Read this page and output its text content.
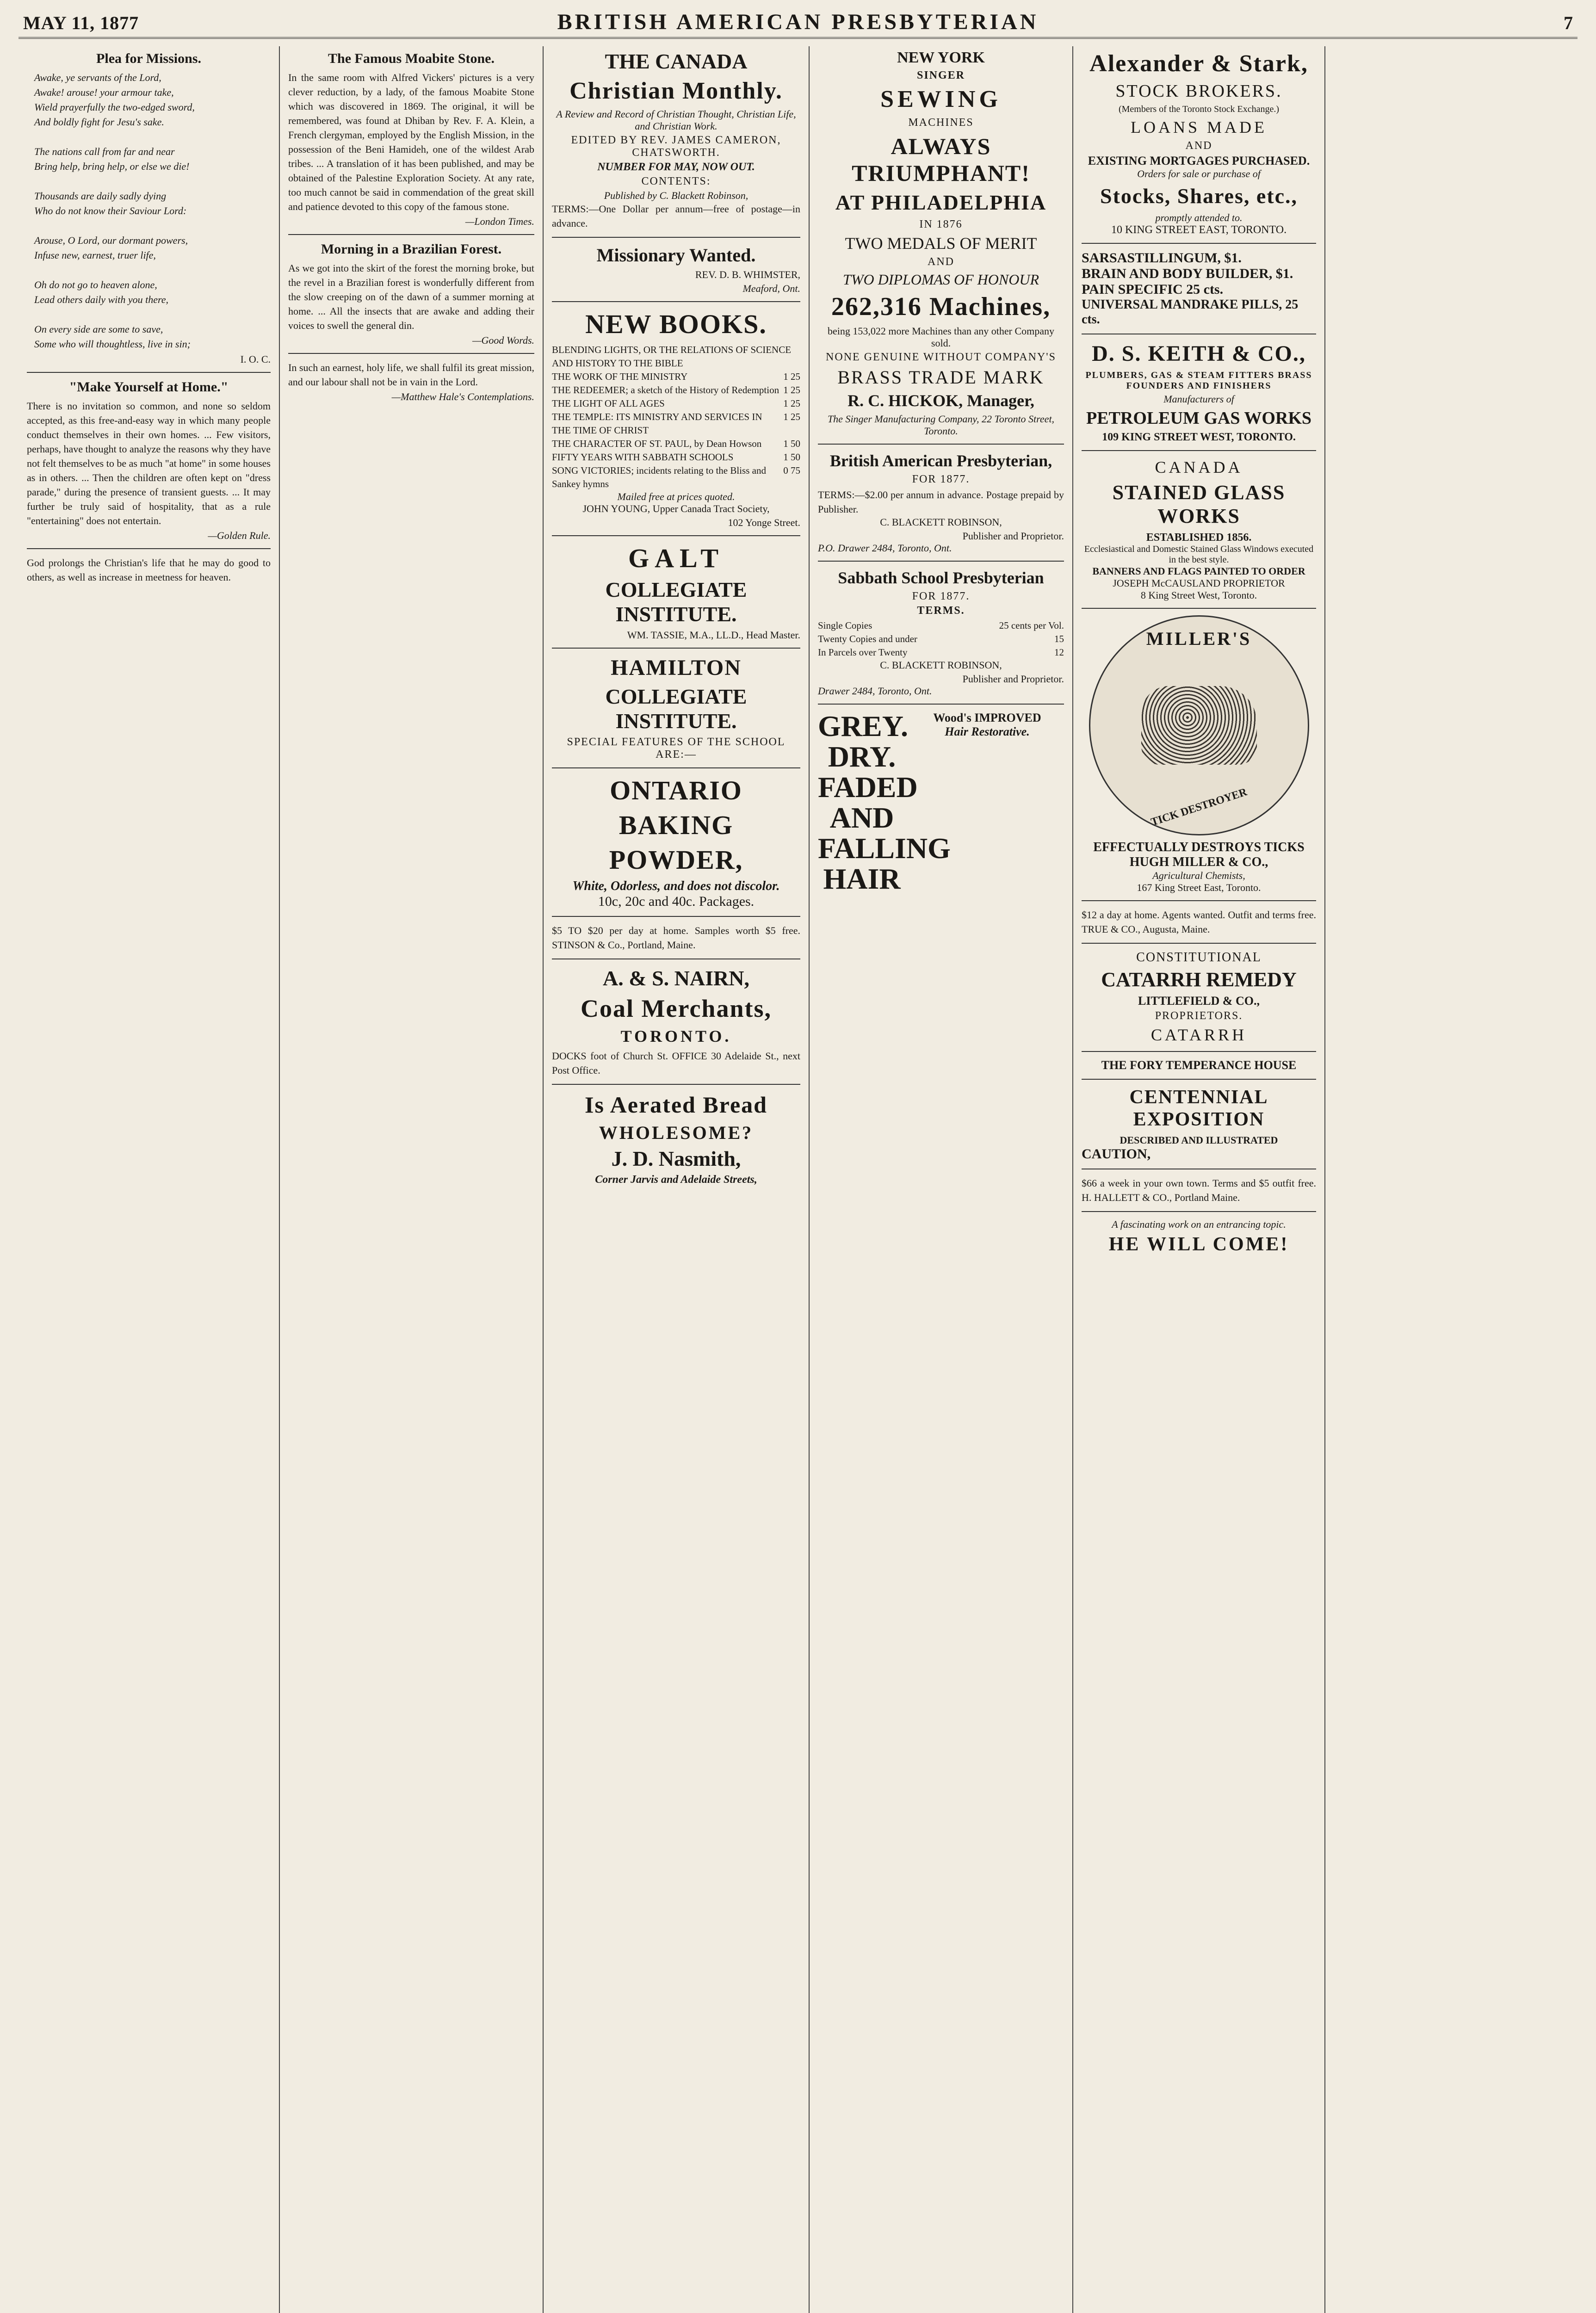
MAY 11, 1877	BRITISH AMERICAN PRESBYTERIAN	7
Plea for Missions.

Awake, ye servants of the Lord,

Awake! arouse! your armour take,

Wield prayerfully the two-edged sword,

And boldly fight for Jesu's sake.

The nations call from far and near

Bring help, bring help, or else we die!

Thousands are daily sadly dying

Who do not know their Saviour Lord:

Arouse, O Lord, our dormant powers,

Infuse new, earnest, truer life,

Oh do not go to heaven alone,

Lead others daily with you there,

On every side are some to save,

Some who will thoughtless, live in sin;

I. O. C.

"Make Yourself at Home."

There is no invitation so common, and none so seldom accepted, as this free-and-easy way in which many people conduct themselves in their own homes. ... Few visitors, perhaps, have thought to analyze the reasons why they have not felt themselves to be as much "at home" in some houses as in others. ... Then the children are often kept on "dress parade," during the presence of transient guests. ... It may further be truly said of hospitality, that as a rule "entertaining" does not entertain.

—Golden Rule.

God prolongs the Christian's life that he may do good to others, as well as increase in meetness for heaven.

The Famous Moabite Stone.

In the same room with Alfred Vickers' pictures is a very clever reduction, by a lady, of the famous Moabite Stone which was discovered in 1869. The original, it will be remembered, was found at Dhiban by Rev. F. A. Klein, a French clergyman, employed by the English Mission, in the possession of the Beni Hamideh, one of the wildest Arab tribes. ... A translation of it has been published, and may be obtained of the Palestine Exploration Society. At any rate, too much cannot be said in commendation of the great skill and patience devoted to this copy of the famous stone.

—London Times.

Morning in a Brazilian Forest.

As we got into the skirt of the forest the morning broke, but the revel in a Brazilian forest is wonderfully different from the slow creeping on of the dawn of a summer morning at home. ... All the insects that are awake and adding their voices to swell the general din.

—Good Words.

In such an earnest, holy life, we shall fulfil its great mission, and our labour shall not be in vain in the Lord.

—Matthew Hale's Contemplations.

THE CANADA

Christian Monthly.

A Review and Record of Christian Thought, Christian Life, and Christian Work.

EDITED BY REV. JAMES CAMERON, CHATSWORTH.

NUMBER FOR MAY, NOW OUT.

CONTENTS:

Published by C. Blackett Robinson,

TERMS:—One Dollar per annum—free of postage—in advance.

Missionary Wanted.

REV. D. B. WHIMSTER,

Meaford, Ont.

NEW BOOKS.

BLENDING LIGHTS, OR THE RELATIONS OF SCIENCE AND HISTORY TO THE BIBLE
THE WORK OF THE MINISTRY	1 25
THE REDEEMER; a sketch of the History of Redemption 1 25
THE LIGHT OF ALL AGES	1 25
THE TEMPLE: ITS MINISTRY AND SERVICES IN THE TIME OF CHRIST
1 25
THE CHARACTER OF ST. PAUL, by Dean Howson	1 50
FIFTY YEARS WITH SABBATH SCHOOLS	1 50
SONG VICTORIES; incidents relating to the Bliss and Sankey hymns
0 75

Mailed free at prices quoted.

JOHN YOUNG, Upper Canada Tract Society,

102 Yonge Street.

GALT

COLLEGIATE INSTITUTE.

WM. TASSIE, M.A., LL.D., Head Master.

HAMILTON

COLLEGIATE INSTITUTE.

SPECIAL FEATURES OF THE SCHOOL ARE:—

ONTARIO

BAKING

POWDER,

White, Odorless, and does not discolor.

10c, 20c and 40c. Packages.

$5 TO $20 per day at home. Samples worth $5 free. STINSON & Co., Portland, Maine.

A. & S. NAIRN,

Coal Merchants,

TORONTO.

DOCKS foot of Church St. OFFICE 30 Adelaide St., next Post Office.

Is Aerated Bread

WHOLESOME?

J. D. Nasmith,

Corner Jarvis and Adelaide Streets,

NEW YORK

SINGER

SEWING

MACHINES

ALWAYS TRIUMPHANT!

AT PHILADELPHIA

IN 1876

TWO MEDALS OF MERIT

AND

TWO DIPLOMAS OF HONOUR

262,316 Machines,

being 153,022 more Machines than any other Company sold.

NONE GENUINE WITHOUT COMPANY'S

BRASS TRADE MARK

R. C. HICKOK, Manager,

The Singer Manufacturing Company, 22 Toronto Street, Toronto.

British American Presbyterian,

FOR 1877.

TERMS:—$2.00 per annum in advance. Postage prepaid by Publisher.

C. BLACKETT ROBINSON,

Publisher and Proprietor.

P.O. Drawer 2484, Toronto, Ont.

Sabbath School Presbyterian

FOR 1877.

TERMS.

Single Copies	25 cents per Vol.
Twenty Copies and under	15
In Parcels over Twenty	12

C. BLACKETT ROBINSON,

Publisher and Proprietor.

Drawer 2484, Toronto, Ont.

GREY. DRY. FADED AND FALLING HAIR

Wood's IMPROVED

Hair Restorative.

Alexander & Stark,

STOCK BROKERS.

(Members of the Toronto Stock Exchange.)

LOANS MADE

AND

EXISTING MORTGAGES PURCHASED.

Orders for sale or purchase of

Stocks, Shares, etc.,

promptly attended to.

10 KING STREET EAST, TORONTO.

SARSASTILLINGUM, $1.

BRAIN AND BODY BUILDER, $1.

PAIN SPECIFIC 25 cts.

UNIVERSAL MANDRAKE PILLS, 25 cts.

D. S. KEITH & CO.,

PLUMBERS, GAS & STEAM FITTERS BRASS FOUNDERS AND FINISHERS

Manufacturers of

PETROLEUM GAS WORKS

109 KING STREET WEST, TORONTO.

CANADA

STAINED GLASS WORKS

ESTABLISHED 1856.

Ecclesiastical and Domestic Stained Glass Windows executed in the best style.

BANNERS AND FLAGS PAINTED TO ORDER

JOSEPH McCAUSLAND PROPRIETOR

8 King Street West, Toronto.

MILLER'S
TICK DESTROYER

EFFECTUALLY DESTROYS TICKS

HUGH MILLER & CO.,

Agricultural Chemists,

167 King Street East, Toronto.

$12 a day at home. Agents wanted. Outfit and terms free. TRUE & CO., Augusta, Maine.

CONSTITUTIONAL

CATARRH REMEDY

LITTLEFIELD & CO.,

PROPRIETORS.

CATARRH

THE FORY TEMPERANCE HOUSE

CENTENNIAL EXPOSITION

DESCRIBED AND ILLUSTRATED

CAUTION,

$66 a week in your own town. Terms and $5 outfit free. H. HALLETT & CO., Portland Maine.

A fascinating work on an entrancing topic.

HE WILL COME!
